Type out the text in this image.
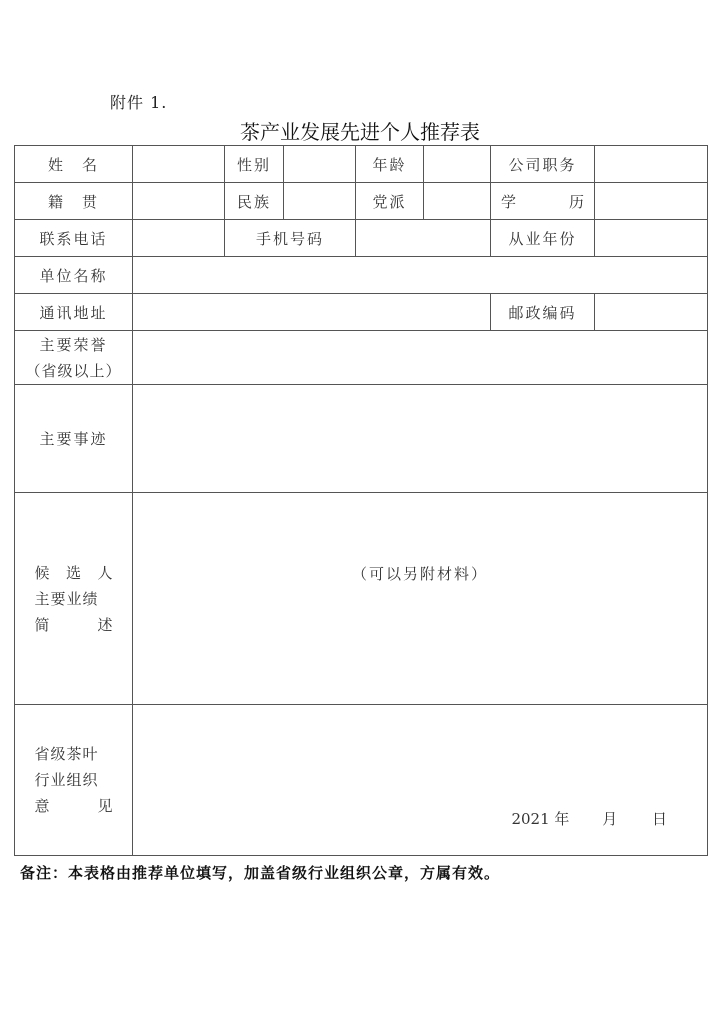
附件 1.
茶产业发展先进个人推荐表
姓　名		性别		年龄		公司职务	
籍　贯		民族		党派		学 历	

联系电话		手机号码				从业年份	
单位名称							
通讯地址						邮政编码	

主要荣誉
（省级以上）							

主要事迹							

候 选 人
主要业绩
简	述
	（可以另附材料）

省级茶叶
行业组织
意 见	2021 年 月 日						
备注：本表格由推荐单位填写，加盖省级行业组织公章，方属有效。
